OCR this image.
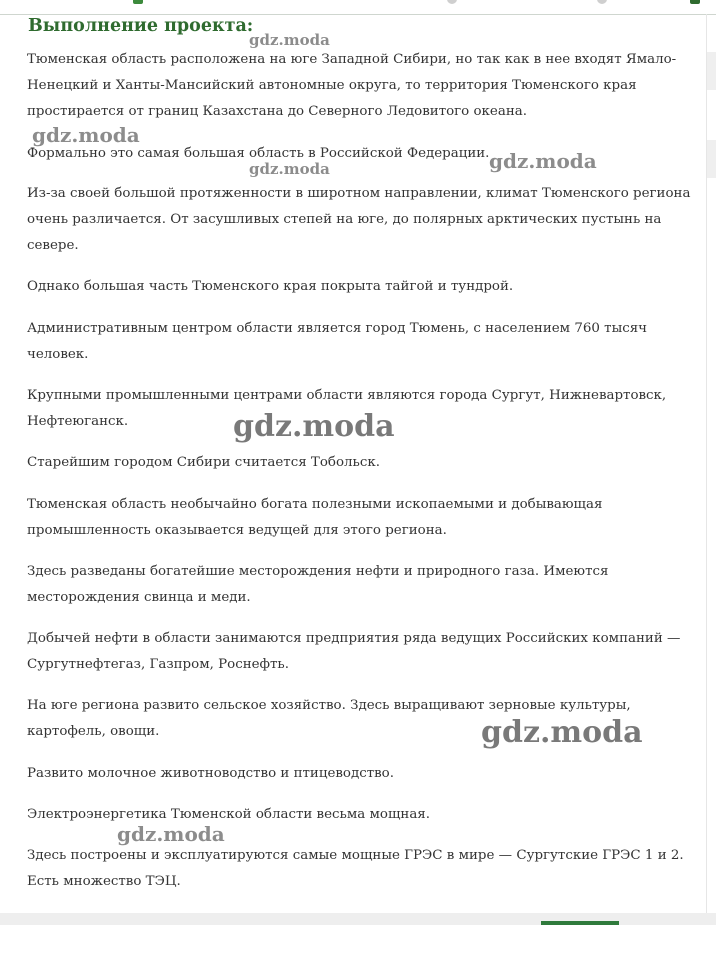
Выполнение проекта:

Тюменская область расположена на юге Западной Сибири, но так как в нее входят Ямало-Ненецкий и Ханты-Мансийский автономные округа, то территория Тюменского края простирается от границ Казахстана до Северного Ледовитого океана.

Формально это самая большая область в Российской Федерации.

Из-за своей большой протяженности в широтном направлении, климат Тюменского региона очень различается. От засушливых степей на юге, до полярных арктических пустынь на севере.

Однако большая часть Тюменского края покрыта тайгой и тундрой.

Административным центром области является город Тюмень, с населением 760 тысяч человек.

Крупными промышленными центрами области являются города Сургут, Нижневартовск, Нефтеюганск.

Старейшим городом Сибири считается Тобольск.

Тюменская область необычайно богата полезными ископаемыми и добывающая промышленность оказывается ведущей для этого региона.

Здесь разведаны богатейшие месторождения нефти и природного газа. Имеются месторождения свинца и меди.

Добычей нефти в области занимаются предприятия ряда ведущих Российских компаний — Сургутнефтегаз, Газпром, Роснефть.

На юге региона развито сельское хозяйство. Здесь выращивают зерновые культуры, картофель, овощи.

Развито молочное животноводство и птицеводство.

Электроэнергетика Тюменской области весьма мощная.

Здесь построены и эксплуатируются самые мощные ГРЭС в мире — Сургутские ГРЭС 1 и 2. Есть множество ТЭЦ.

gdz.moda
gdz.moda
gdz.moda	gdz.moda
gdz.moda
gdz.moda
gdz.moda
